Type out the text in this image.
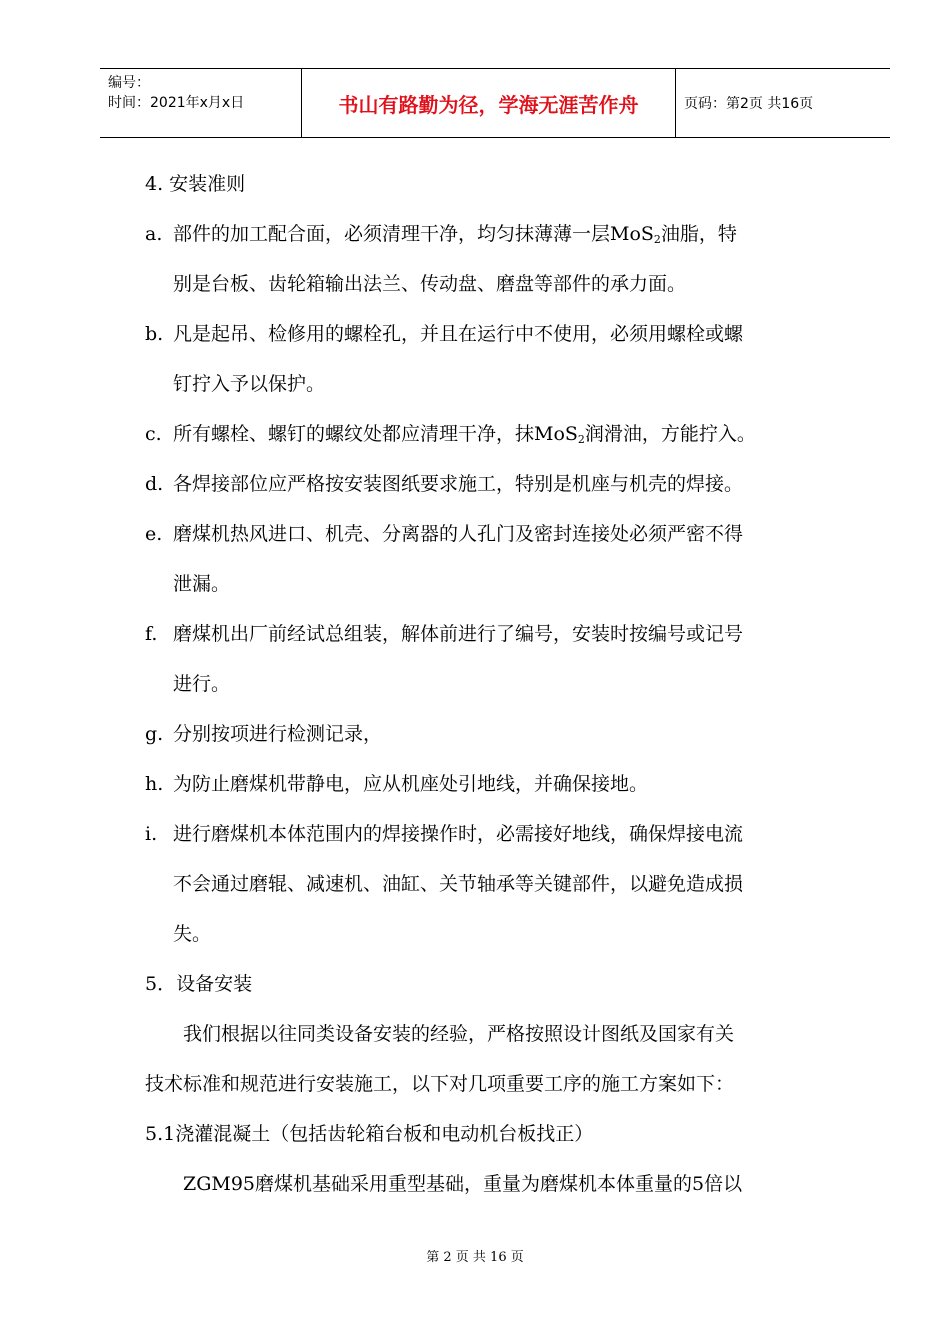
编号：
时间：2021年x月x日	书山有路勤为径，学海无涯苦作舟	页码：第2页 共16页
4. 安装准则
a. 部件的加工配合面，必须清理干净，均匀抹薄薄一层MoS$_2$油脂，特
别是台板、齿轮箱输出法兰、传动盘、磨盘等部件的承力面。
b. 凡是起吊、检修用的螺栓孔，并且在运行中不使用，必须用螺栓或螺
钉拧入予以保护。
c. 所有螺栓、螺钉的螺纹处都应清理干净，抹MoS$_2$润滑油，方能拧入。
d. 各焊接部位应严格按安装图纸要求施工，特别是机座与机壳的焊接。
e. 磨煤机热风进口、机壳、分离器的人孔门及密封连接处必须严密不得
泄漏。
f. 磨煤机出厂前经试总组装，解体前进行了编号，安装时按编号或记号
进行。
g. 分别按项进行检测记录，
h. 为防止磨煤机带静电，应从机座处引地线，并确保接地。
i. 进行磨煤机本体范围内的焊接操作时，必需接好地线，确保焊接电流
不会通过磨辊、减速机、油缸、关节轴承等关键部件，以避免造成损
失。
5．设备安装
我们根据以往同类设备安装的经验，严格按照设计图纸及国家有关
技术标准和规范进行安装施工，以下对几项重要工序的施工方案如下：
5.1浇灌混凝土（包括齿轮箱台板和电动机台板找正）
ZGM95磨煤机基础采用重型基础，重量为磨煤机本体重量的5倍以
第 2 页 共 16 页
